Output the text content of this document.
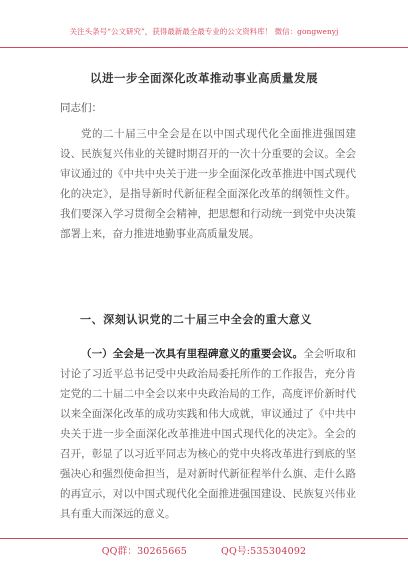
关注头条号“公文研究”，获得最新最全最专业的公文资料库！ 微信：gongwenyj
以进一步全面深化改革推动事业高质量发展
同志们：
党的二十届三中全会是在以中国式现代化全面推进强国建设、民族复兴伟业的关键时期召开的一次十分重要的会议。全会审议通过的《中共中央关于进一步全面深化改革推进中国式现代化的决定》，是指导新时代新征程全面深化改革的纲领性文件。我们要深入学习贯彻全会精神，把思想和行动统一到党中央决策部署上来，奋力推进地勤事业高质量发展。
一、深刻认识党的二十届三中全会的重大意义
（一）全会是一次具有里程碑意义的重要会议。全会听取和讨论了习近平总书记受中央政治局委托所作的工作报告，充分肯定党的二十届二中全会以来中央政治局的工作，高度评价新时代以来全面深化改革的成功实践和伟大成就，审议通过了《中共中央关于进一步全面深化改革推进中国式现代化的决定》。全会的召开，彰显了以习近平同志为核心的党中央将改革进行到底的坚强决心和强烈使命担当，是对新时代新征程举什么旗、走什么路的再宣示，对以中国式现代化全面推进强国建设、民族复兴伟业具有重大而深远的意义。
QQ群：30265665	QQ号:535304092
